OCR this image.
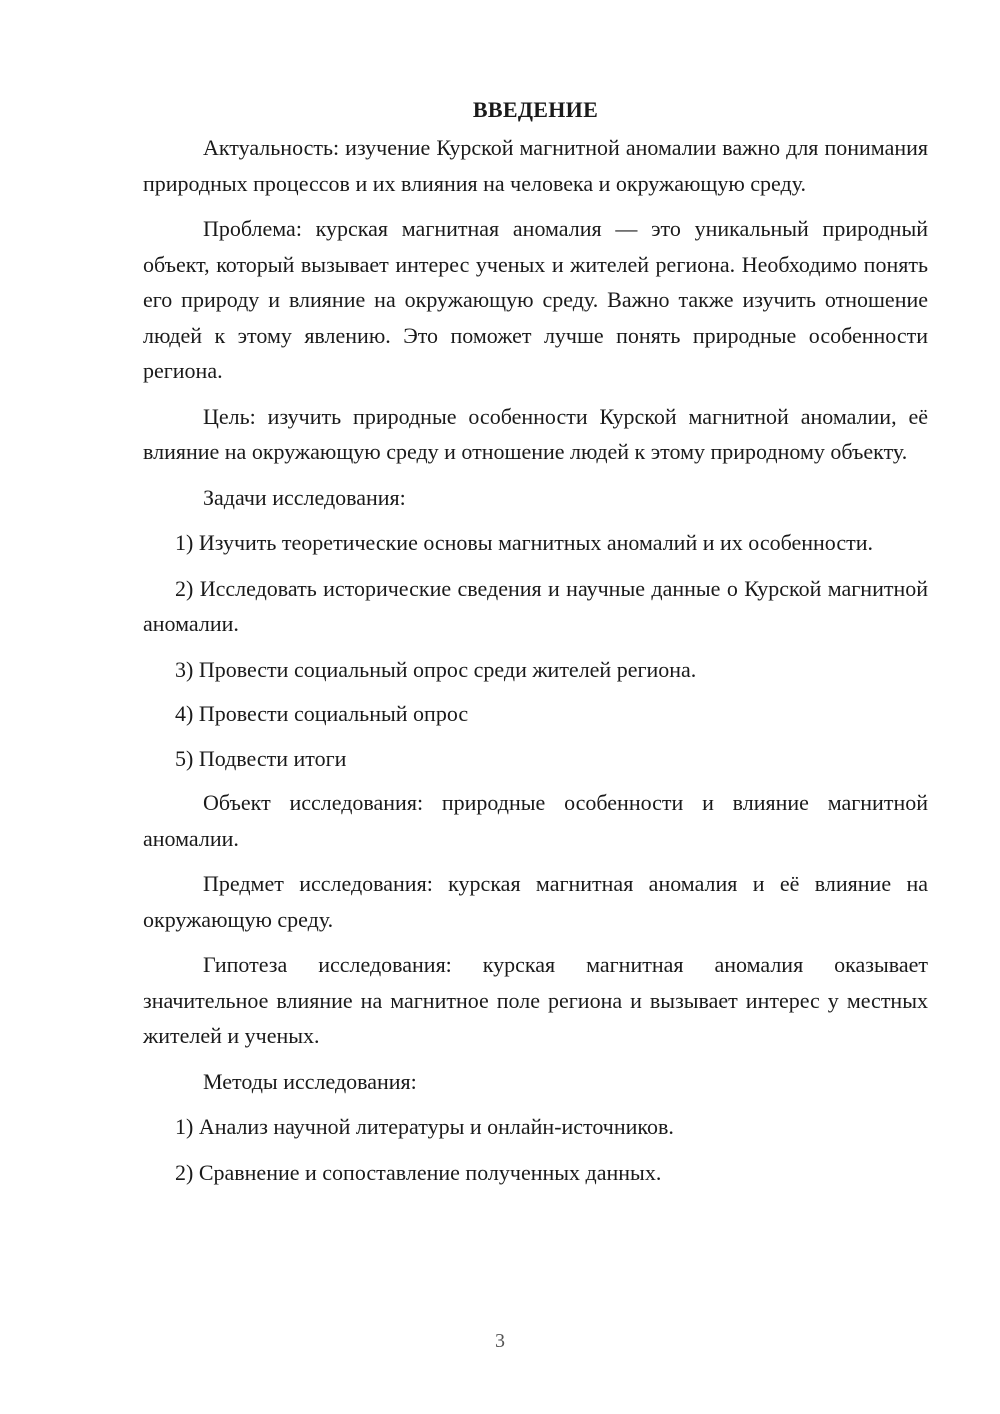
ВВЕДЕНИЕ

Актуальность: изучение Курской магнитной аномалии важно для понимания природных процессов и их влияния на человека и окружающую среду.

Проблема: курская магнитная аномалия — это уникальный природный объект, который вызывает интерес ученых и жителей региона. Необходимо понять его природу и влияние на окружающую среду. Важно также изучить отношение людей к этому явлению. Это поможет лучше понять природные особенности региона.

Цель: изучить природные особенности Курской магнитной аномалии, её влияние на окружающую среду и отношение людей к этому природному объекту.

Задачи исследования:

1) Изучить теоретические основы магнитных аномалий и их особенности.

2) Исследовать исторические сведения и научные данные о Курской магнитной аномалии.

3) Провести социальный опрос среди жителей региона.

4) Провести социальный опрос

5) Подвести итоги

Объект исследования: природные особенности и влияние магнитной аномалии.

Предмет исследования: курская магнитная аномалия и её влияние на окружающую среду.

Гипотеза исследования: курская магнитная аномалия оказывает значительное влияние на магнитное поле региона и вызывает интерес у местных жителей и ученых.

Методы исследования:

1) Анализ научной литературы и онлайн-источников.

2) Сравнение и сопоставление полученных данных.

3
